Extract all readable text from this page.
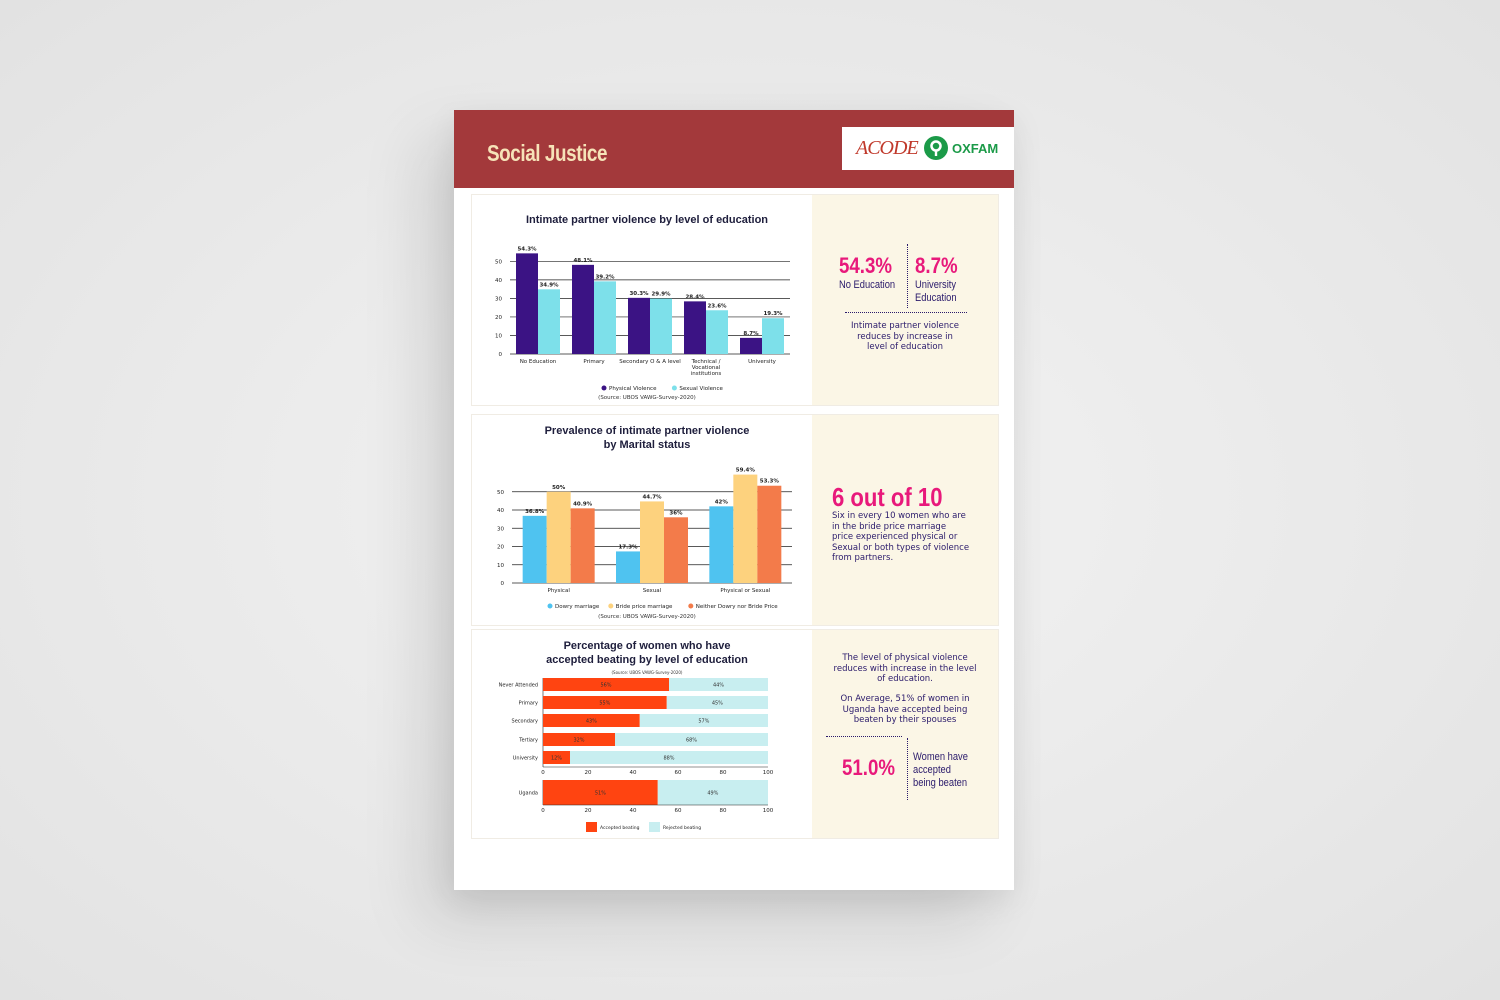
Social Justice	ACODE	OXFAM
Intimate partner violence by level of education
0
10
20
30
40
50
54.3%
34.9%
No Education
48.1%
39.2%
Primary
30.3% 29.9%
Secondary O & A level
28.4%
23.6%
Technical /
Vocational
institutions
8.7%
19.3%
University
Physical Violence	Sexual Violence
(Source: UBOS VAWG-Survey-2020)
54.3%
No Education
8.7%
University
Education
Intimate partner violence
reduces by increase in
level of education
Prevalence of intimate partner violence
by Marital status
0
10
20
30
40
50
36.8%
50%
40.9%
Physical
17.3%
44.7%
36%
Sexual
42%
59.4%
53.3%
Physical or Sexual
Dowry marriage	Bride price marriage	Neither Dowry nor Bride Price
(Source: UBOS VAWG-Survey-2020)
6 out of 10
Six in every 10 women who are
in the bride price marriage
price experienced physical or
Sexual or both types of violence
from partners.
Percentage of women who have
accepted beating by level of education
(Source: UBOS VAWG-Survey-2020)
Never Attended	56%	44%
Primary	55%	45%
Secondary	43%	57%
Tertiary	32%	68%
University	12%	88%
0	20	40	60	80	100
Uganda	51%	49%
0	20	40	60	80	100
Accepted beating	Rejected beating
The level of physical violence
reduces with increase in the level
of education.
On Average, 51% of women in
Uganda have accepted being
beaten by their spouses
51.0% Women have
accepted
being beaten
